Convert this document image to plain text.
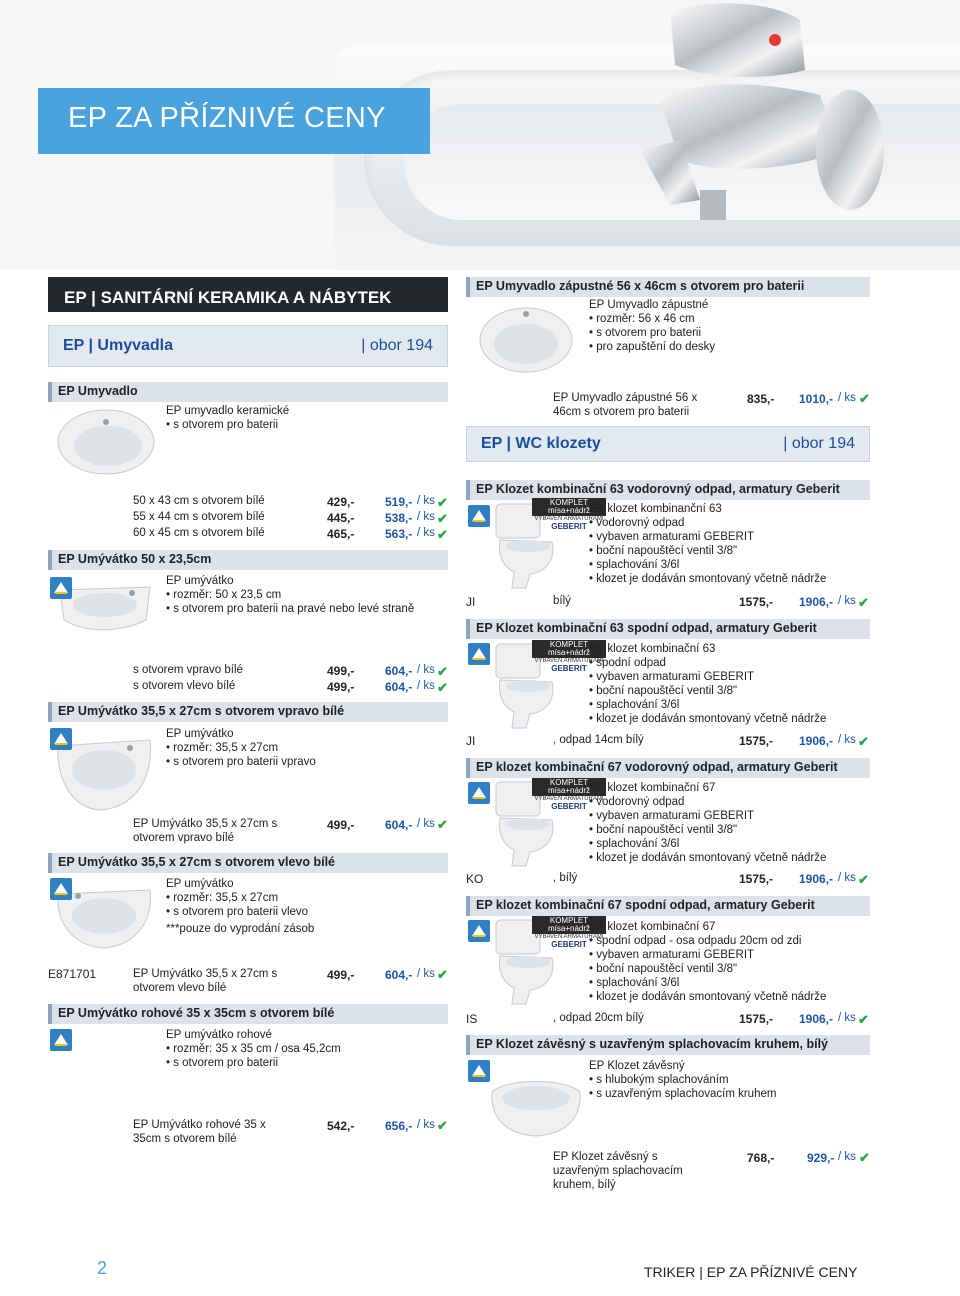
EP ZA PŘÍZNIVÉ CENY
EP | SANITÁRNÍ KERAMIKA A NÁBYTEK
EP | Umyvadla	| obor 194
EP Umyvadlo
EP umyvadlo keramické
• s otvorem pro baterii
50 x 43 cm s otvorem bílé	429,-	519,- / ks ✔
55 x 44 cm s otvorem bílé	445,-	538,- / ks ✔
60 x 45 cm s otvorem bílé	465,-	563,- / ks ✔
EP Umývátko 50 x 23,5cm
EP umývátko
• rozměr: 50 x 23,5 cm
• s otvorem pro baterii na pravé nebo levé straně
s otvorem vpravo bílé	499,-	604,- / ks ✔
s otvorem vlevo bílé	499,-	604,- / ks ✔
EP Umývátko 35,5 x 27cm s otvorem vpravo bílé
EP umývátko
• rozměr: 35,5 x 27cm
• s otvorem pro baterii vpravo
EP Umývátko 35,5 x 27cm s
otvorem vpravo bílé
499,-	604,- / ks ✔
EP Umývátko 35,5 x 27cm s otvorem vlevo bílé
EP umývátko
• rozměr: 35,5 x 27cm
• s otvorem pro baterii vlevo
***pouze do vyprodání zásob
E871701	EP Umývátko 35,5 x 27cm s
otvorem vlevo bílé
499,-	604,- / ks ✔
EP Umývátko rohové 35 x 35cm s otvorem bílé
EP umývátko rohové
• rozměr: 35 x 35 cm / osa 45,2cm
• s otvorem pro baterii
EP Umývátko rohové 35 x
35cm s otvorem bílé
542,-	656,- / ks ✔
EP Umyvadlo zápustné 56 x 46cm s otvorem pro baterii
EP Umyvadlo zápustné
• rozměr: 56 x 46 cm
• s otvorem pro baterii
• pro zapuštění do desky
EP Umyvadlo zápustné 56 x
46cm s otvorem pro baterii
835,- 1010,- / ks ✔
EP | WC klozety	| obor 194
EP Klozet kombinační 63 vodorovný odpad, armatury Geberit
KOMPLET
mísa+nádrž
VYBAVEN ARMATURAMI
GEBERIT
EP klozet kombinanční 63
• vodorovný odpad
• vybaven armaturami GEBERIT
• boční napouštěcí ventil 3/8"
• splachování 3/6l
• klozet je dodáván smontovaný včetně nádrže
JI	bílý	1575,- 1906,- / ks ✔
EP Klozet kombinační 63 spodní odpad, armatury Geberit
KOMPLET
mísa+nádrž
VYBAVEN ARMATURAMI
GEBERIT
EP klozet kombinační 63
• spodní odpad
• vybaven armaturami GEBERIT
• boční napouštěcí ventil 3/8"
• splachování 3/6l
• klozet je dodáván smontovaný včetně nádrže
JI	, odpad 14cm bílý	1575,- 1906,- / ks ✔
EP klozet kombinační 67 vodorovný odpad, armatury Geberit
KOMPLET
mísa+nádrž
VYBAVEN ARMATURAMI
GEBERIT
EP klozet kombinační 67
• vodorovný odpad
• vybaven armaturami GEBERIT
• boční napouštěcí ventil 3/8"
• splachování 3/6l
• klozet je dodáván smontovaný včetně nádrže
KO	, bílý	1575,- 1906,- / ks ✔
EP klozet kombinační 67 spodní odpad, armatury Geberit
KOMPLET
mísa+nádrž
VYBAVEN ARMATURAMI
GEBERIT
EP klozet kombinační 67
• spodní odpad - osa odpadu 20cm od zdi
• vybaven armaturami GEBERIT
• boční napouštěcí ventil 3/8"
• splachování 3/6l
• klozet je dodáván smontovaný včetně nádrže
IS	, odpad 20cm bílý	1575,- 1906,- / ks ✔
EP Klozet závěsný s uzavřeným splachovacím kruhem, bílý
EP Klozet závěsný
• s hlubokým splachováním
• s uzavřeným splachovacím kruhem
EP Klozet závěsný s
uzavřeným splachovacím
kruhem, bílý
768,-	929,- / ks ✔
2	TRIKER | EP ZA PŘÍZNIVÉ CENY
